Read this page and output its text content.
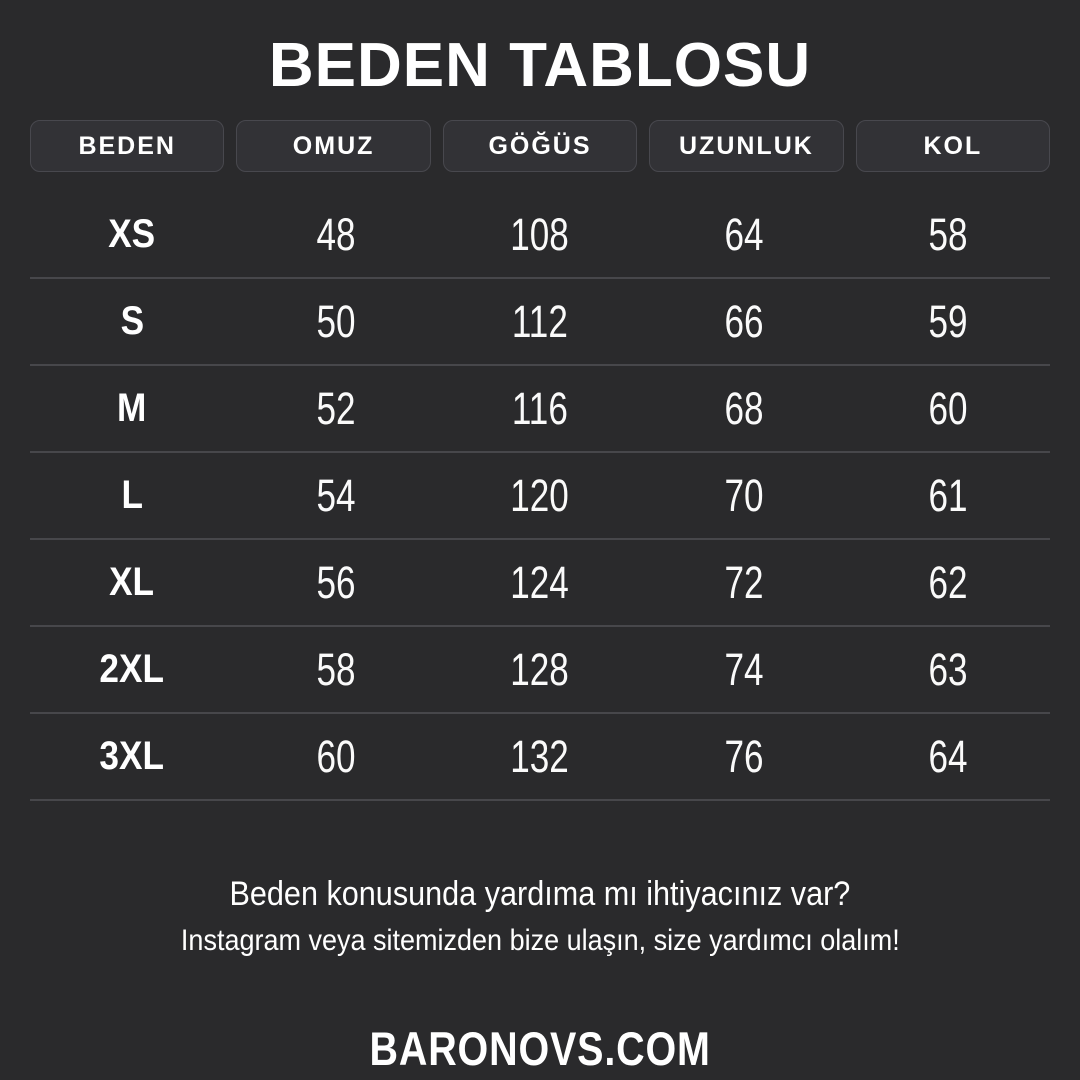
BEDEN TABLOSU
BEDEN	OMUZ	GÖĞÜS	UZUNLUK	KOL
XS	48	108	64	58
S	50	112	66	59
M	52	116	68	60
L	54	120	70	61
XL	56	124	72	62
2XL	58	128	74	63
3XL	60	132	76	64
Beden konusunda yardıma mı ihtiyacınız var?
Instagram veya sitemizden bize ulaşın, size yardımcı olalım!
BARONOVS.COM
